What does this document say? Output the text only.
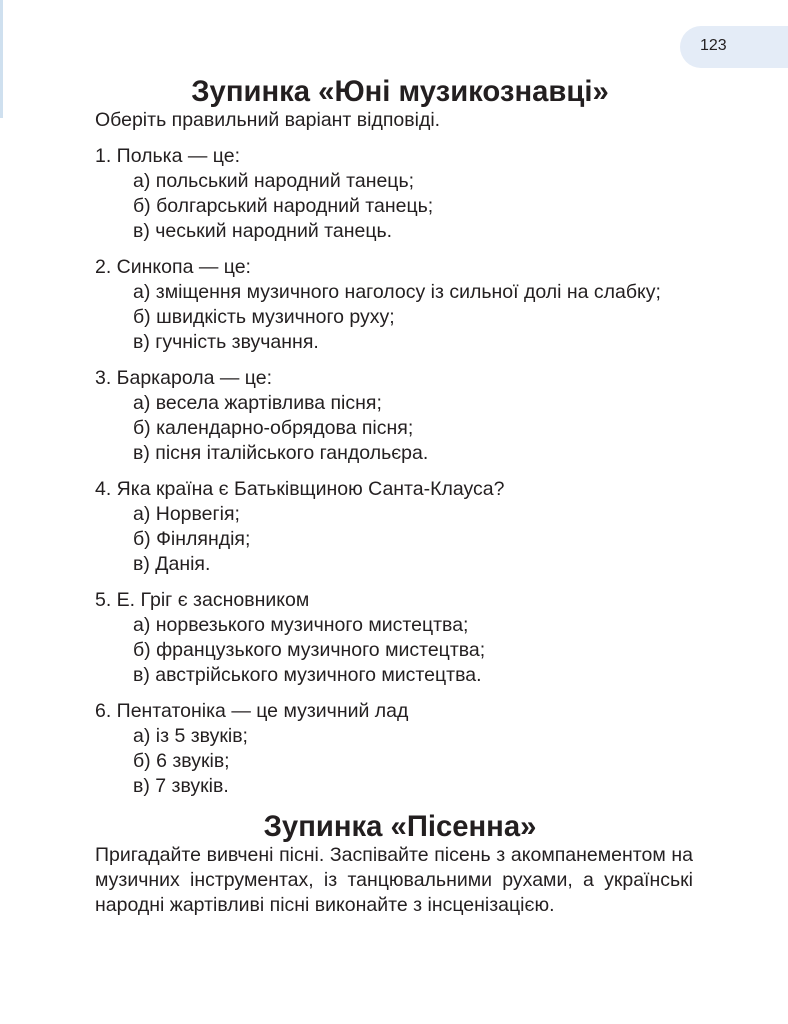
123
Зупинка «Юні музикознавці»

Оберіть правильний варіант відповіді.

1. Полька — це:

а) польський народний танець;
б) болгарський народний танець;
в) чеський народний танець.

2. Синкопа — це:

а) зміщення музичного наголосу із сильної долі на слабку;
б) швидкість музичного руху;
в) гучність звучання.

3. Баркарола — це:

а) весела жартівлива пісня;
б) календарно-обрядова пісня;
в) пісня італійського гандольєра.

4. Яка країна є Батьківщиною Санта-Клауса?

а) Норвегія;
б) Фінляндія;
в) Данія.

5. Е. Гріг є засновником

а) норвезького музичного мистецтва;
б) французького музичного мистецтва;
в) австрійського музичного мистецтва.

6. Пентатоніка — це музичний лад

а) із 5 звуків;
б) 6 звуків;
в) 7 звуків.
Зупинка «Пісенна»

Пригадайте вивчені пісні. Заспівайте пісень з акомпанементом на музичних інструментах, із танцювальними рухами, а українські народні жартівливі пісні виконайте з інсценізацією.
